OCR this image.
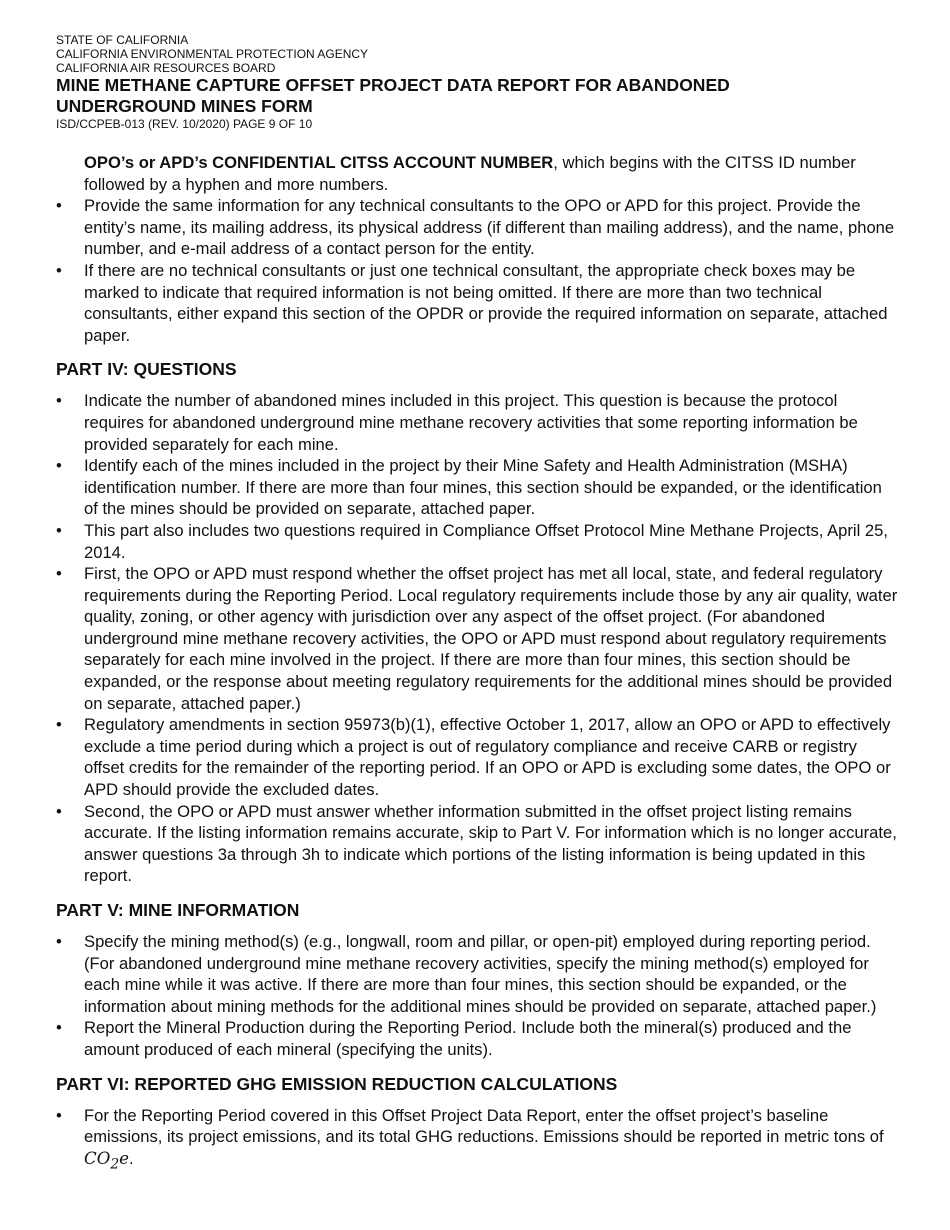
STATE OF CALIFORNIA
CALIFORNIA ENVIRONMENTAL PROTECTION AGENCY
CALIFORNIA AIR RESOURCES BOARD
MINE METHANE CAPTURE OFFSET PROJECT DATA REPORT FOR ABANDONED
UNDERGROUND MINES FORM
ISD/CCPEB-013 (REV. 10/2020) PAGE 9 OF 10
OPO’s or APD’s CONFIDENTIAL CITSS ACCOUNT NUMBER, which begins with the CITSS ID number followed by a hyphen and more numbers.
• Provide the same information for any technical consultants to the OPO or APD for this project. Provide the entity’s name, its mailing address, its physical address (if different than mailing address), and the name, phone number, and e-mail address of a contact person for the entity.
• If there are no technical consultants or just one technical consultant, the appropriate check boxes may be marked to indicate that required information is not being omitted. If there are more than two technical consultants, either expand this section of the OPDR or provide the required information on separate, attached paper.
PART IV: QUESTIONS
• Indicate the number of abandoned mines included in this project. This question is because the protocol requires for abandoned underground mine methane recovery activities that some reporting information be provided separately for each mine.
• Identify each of the mines included in the project by their Mine Safety and Health Administration (MSHA) identification number. If there are more than four mines, this section should be expanded, or the identification of the mines should be provided on separate, attached paper.
• This part also includes two questions required in Compliance Offset Protocol Mine Methane Projects, April 25, 2014.
• First, the OPO or APD must respond whether the offset project has met all local, state, and federal regulatory requirements during the Reporting Period. Local regulatory requirements include those by any air quality, water quality, zoning, or other agency with jurisdiction over any aspect of the offset project. (For abandoned underground mine methane recovery activities, the OPO or APD must respond about regulatory requirements separately for each mine involved in the project. If there are more than four mines, this section should be expanded, or the response about meeting regulatory requirements for the additional mines should be provided on separate, attached paper.)
• Regulatory amendments in section 95973(b)(1), effective October 1, 2017, allow an OPO or APD to effectively exclude a time period during which a project is out of regulatory compliance and receive CARB or registry offset credits for the remainder of the reporting period. If an OPO or APD is excluding some dates, the OPO or APD should provide the excluded dates.
• Second, the OPO or APD must answer whether information submitted in the offset project listing remains accurate. If the listing information remains accurate, skip to Part V. For information which is no longer accurate, answer questions 3a through 3h to indicate which portions of the listing information is being updated in this report.
PART V: MINE INFORMATION
• Specify the mining method(s) (e.g., longwall, room and pillar, or open-pit) employed during reporting period. (For abandoned underground mine methane recovery activities, specify the mining method(s) employed for each mine while it was active. If there are more than four mines, this section should be expanded, or the information about mining methods for the additional mines should be provided on separate, attached paper.)
• Report the Mineral Production during the Reporting Period. Include both the mineral(s) produced and the amount produced of each mineral (specifying the units).
PART VI: REPORTED GHG EMISSION REDUCTION CALCULATIONS
• For the Reporting Period covered in this Offset Project Data Report, enter the offset project’s baseline emissions, its project emissions, and its total GHG reductions. Emissions should be reported in metric tons of $CO_2e$.
